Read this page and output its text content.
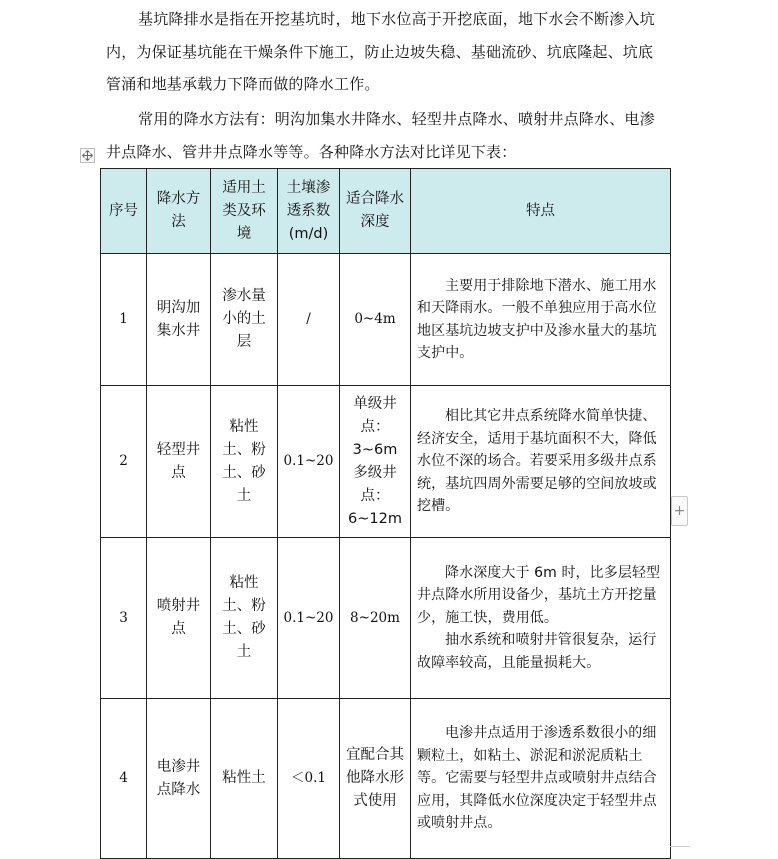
基坑降排水是指在开挖基坑时，地下水位高于开挖底面，地下水会不断渗入坑内，为保证基坑能在干燥条件下施工，防止边坡失稳、基础流砂、坑底隆起、坑底管涌和地基承载力下降而做的降水工作。

常用的降水方法有：明沟加集水井降水、轻型井点降水、喷射井点降水、电渗井点降水、管井井点降水等等。各种降水方法对比详见下表：

序号	降水方法	适用土类及环境	土壤渗透系数(m/d)	适合降水深度	特点
1	明沟加集水井	渗水量小的土层	/	0~4m	主要用于排除地下潜水、施工用水和天降雨水。一般不单独应用于高水位地区基坑边坡支护中及渗水量大的基坑支护中。

2	轻型井点	粘性土、粉土、砂土	0.1~20	单级井点：3~6m 多级井点：6~12m	相比其它井点系统降水简单快捷、经济安全，适用于基坑面积不大，降低水位不深的场合。若要采用多级井点系统，基坑四周外需要足够的空间放坡或挖槽。

3	喷射井点	粘性土、粉土、砂土	0.1~20	8~20m	降水深度大于 6m 时，比多层轻型井点降水所用设备少，基坑土方开挖量少，施工快，费用低。

抽水系统和喷射井管很复杂，运行故障率较高，且能量损耗大。

4	电渗井点降水	粘性土	＜0.1	宜配合其他降水形式使用	电渗井点适用于渗透系数很小的细颗粒土，如粘土、淤泥和淤泥质粘土等。它需要与轻型井点或喷射井点结合应用，其降低水位深度决定于轻型井点或喷射井点。

+
